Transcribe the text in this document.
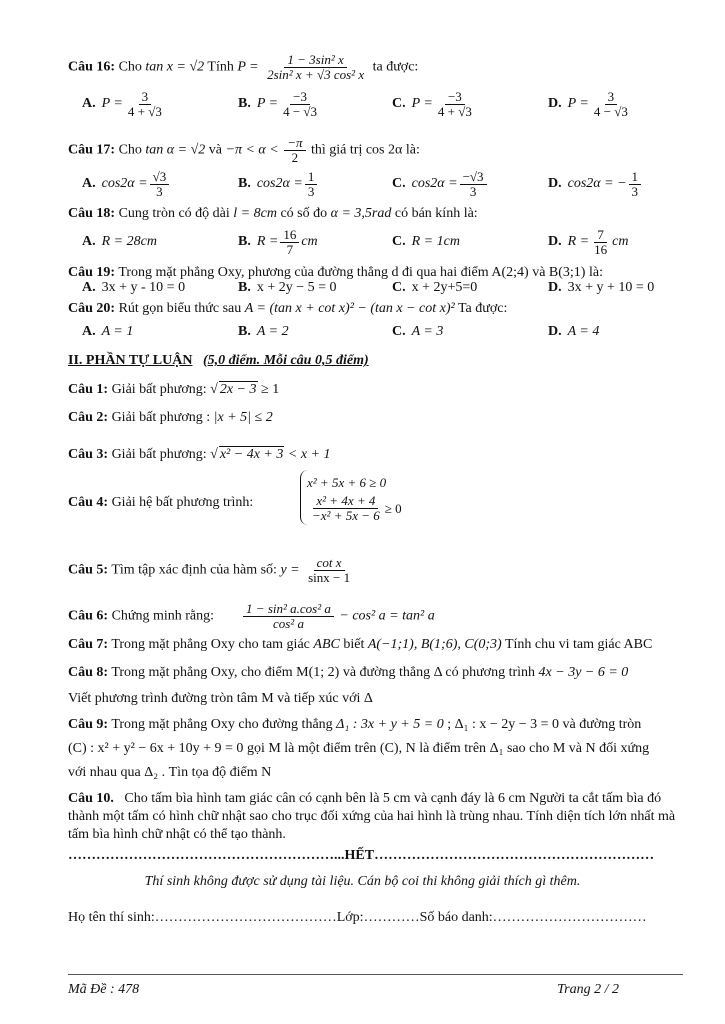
Câu 16: Cho tan x = √2 Tính $P = \frac{\text{1 − 3sin² x}}{\text{2sin² x + √3 cos² x}}$ ta được:
A. $P = \frac{3}{4 + √3}$	B. $P = \frac{-3}{4 - √3}$	C. $P = \frac{-3}{4 + √3}$	D. $P = \frac{3}{4 - √3}$
Câu 17: Cho tan α = √2 và $-\pi < \alpha < \frac{-\pi}{2}$ thì giá trị cos 2α là:
A. $\cos 2\alpha = \frac{√3}{3}$	B. $\cos 2\alpha = \frac{1}{3}$	C. $\cos 2\alpha = \frac{-√3}{3}$	D. cos2α = − $\frac{1}{3}$
Câu 18: Cung tròn có độ dài l = 8cm có số đo α = 3,5rad có bán kính là:
A. R = 28cm	B. $R = \frac{16}{7}$ cm	C. R = 1cm	D. $R = \frac{7}{16}$ cm
Câu 19: Trong mặt phẳng Oxy, phương của đường thẳng d đi qua hai điểm A(2;4) và B(3;1) là:
A. 3x + y - 10 = 0	B. x + 2y − 5 = 0	C. x + 2y+5=0	D. 3x + y + 10 = 0
Câu 20: Rút gọn biểu thức sau A = (tan x + cot x)² − (tan x − cot x)² Ta được:
A. A = 1	B. A = 2	C. A = 3	D. A = 4
II. PHẦN TỰ LUẬN (5,0 điểm. Mỗi câu 0,5 điểm)
Câu 1: Giải bất phương: √ 2x − 3 ≥ 1
Câu 2: Giải bất phương : |x + 5| ≤ 2
Câu 3: Giải bất phương: √ x² − 4x + 3 < x + 1
Câu 4: Giải hệ bất phương trình:
x² + 5x + 6 ≥ 0
$\frac{\text{x² + 4x + 4}}{\text{−x² + 5x − 6}} \ge 0$
Câu 5: Tìm tập xác định của hàm số: $y = \frac{\text{cot x}}{\sin x - 1}$
Câu 6: Chứng minh rằng: $\frac{\text{1 − sin² a.cos² a}}{\text{cos² a}} - \cos^2$ a = tan² a
Câu 7: Trong mặt phẳng Oxy cho tam giác ABC biết A(−1;1), B(1;6), C(0;3) Tính chu vi tam giác ABC
Câu 8: Trong mặt phẳng Oxy, cho điểm M(1; 2) và đường thẳng Δ có phương trình 4x − 3y − 6 = 0
Viết phương trình đường tròn tâm M và tiếp xúc với Δ
Câu 9: Trong mặt phẳng Oxy cho đường thẳng Δ₁ : 3x + y + 5 = 0 ; Δ₁ : x − 2y − 3 = 0 và đường tròn
(C) : x² + y² − 6x + 10y + 9 = 0 gọi M là một điểm trên (C), N là điểm trên Δ₁ sao cho M và N đối xứng
với nhau qua Δ₂ . Tìn tọa độ điểm N
Câu 10. Cho tấm bìa hình tam giác cân có cạnh bên là 5 cm và cạnh đáy là 6 cm Người ta cắt tấm bìa đó thành một tấm có hình chữ nhật sao cho trục đối xứng của hai hình là trùng nhau. Tính diện tích lớn nhất mà tấm bìa hình chữ nhật có thể tạo thành.
…………………………………………………...HẾT……………………………………………………
Thí sinh không được sử dụng tài liệu. Cán bộ coi thi không giải thích gì thêm.
Họ tên thí sinh:…………………………………Lớp:…………Số báo danh:……………………………
Mã Đề : 478	Trang 2 / 2
